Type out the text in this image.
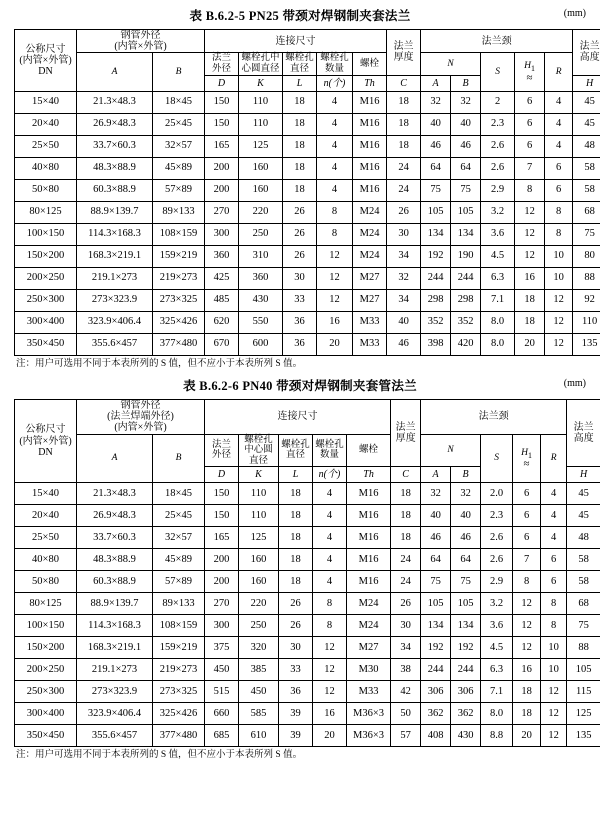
表 B.6.2-5 PN25 带颈对焊钢制夹套法兰	(mm)
公称尺寸
(内管×外管)
DN

钢管外径
(内管×外管)
	连接尺寸	
法兰
厚度
	法兰颈	
法兰
高度

A	B	
法兰
外径

螺栓孔中
心圆直径

螺栓孔
直径

螺栓孔
数量
	螺栓	N	S	$H_1$
≈
	R
			D	K	L	n(个)	Th	C	A	B				H
15×40	21.3×48.3	18×45	150	110	18	4	M16	18	32	32	2	6	4	45
20×40	26.9×48.3	25×45	150	110	18	4	M16	18	40	40	2.3	6	4	45
25×50	33.7×60.3	32×57	165	125	18	4	M16	18	46	46	2.6	6	4	48
40×80	48.3×88.9	45×89	200	160	18	4	M16	24	64	64	2.6	7	6	58
50×80	60.3×88.9	57×89	200	160	18	4	M16	24	75	75	2.9	8	6	58
80×125	88.9×139.7	89×133	270	220	26	8	M24	26	105	105	3.2	12	8	68
100×150	114.3×168.3	108×159	300	250	26	8	M24	30	134	134	3.6	12	8	75
150×200	168.3×219.1	159×219	360	310	26	12	M24	34	192	190	4.5	12	10	80
200×250	219.1×273	219×273	425	360	30	12	M27	32	244	244	6.3	16	10	88
250×300	273×323.9	273×325	485	430	33	12	M27	34	298	298	7.1	18	12	92
300×400	323.9×406.4	325×426	620	550	36	16	M33	40	352	352	8.0	18	12	110
350×450	355.6×457	377×480	670	600	36	20	M33	46	398	420	8.0	20	12	135
注：用户可选用不同于本表所列的 S 值，但不应小于本表所列 S 值。
表 B.6.2-6 PN40 带颈对焊钢制夹套管法兰	(mm)
公称尺寸
(内管×外管)
DN

钢管外径
(法兰焊端外径)
(内管×外管)
	连接尺寸	
法兰
厚度
	法兰颈	
法兰
高度

A	B	
法兰
外径

螺栓孔
中心圆
直径

螺栓孔
直径

螺栓孔
数量
	螺栓	N	S	$H_1$
≈
	R
			D	K	L	n(个)	Th	C	A	B				H
15×40	21.3×48.3	18×45	150	110	18	4	M16	18	32	32	2.0	6	4	45
20×40	26.9×48.3	25×45	150	110	18	4	M16	18	40	40	2.3	6	4	45
25×50	33.7×60.3	32×57	165	125	18	4	M16	18	46	46	2.6	6	4	48
40×80	48.3×88.9	45×89	200	160	18	4	M16	24	64	64	2.6	7	6	58
50×80	60.3×88.9	57×89	200	160	18	4	M16	24	75	75	2.9	8	6	58
80×125	88.9×139.7	89×133	270	220	26	8	M24	26	105	105	3.2	12	8	68
100×150	114.3×168.3	108×159	300	250	26	8	M24	30	134	134	3.6	12	8	75
150×200	168.3×219.1	159×219	375	320	30	12	M27	34	192	192	4.5	12	10	88
200×250	219.1×273	219×273	450	385	33	12	M30	38	244	244	6.3	16	10	105
250×300	273×323.9	273×325	515	450	36	12	M33	42	306	306	7.1	18	12	115
300×400	323.9×406.4	325×426	660	585	39	16	M36×3	50	362	362	8.0	18	12	125
350×450	355.6×457	377×480	685	610	39	20	M36×3	57	408	430	8.8	20	12	135
注：用户可选用不同于本表所列的 S 值，但不应小于本表所列 S 值。
